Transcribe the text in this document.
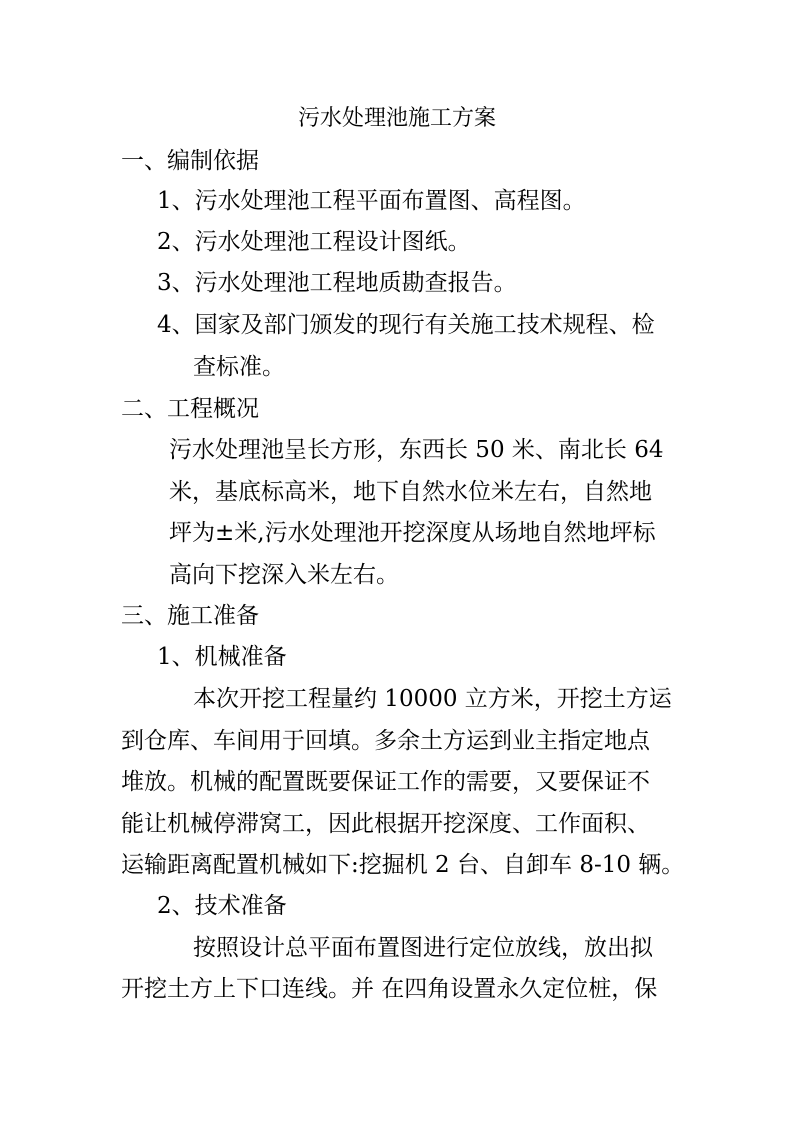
污水处理池施工方案
一、编制依据
1、污水处理池工程平面布置图、高程图。
2、污水处理池工程设计图纸。
3、污水处理池工程地质勘查报告。
4、国家及部门颁发的现行有关施工技术规程、检
查标准。
二、工程概况
污水处理池呈长方形，东西长 50 米、南北长 64
米，基底标高米，地下自然水位米左右，自然地
坪为±米,污水处理池开挖深度从场地自然地坪标
高向下挖深入米左右。
三、施工准备
1、机械准备
本次开挖工程量约 10000 立方米，开挖土方运
到仓库、车间用于回填。多余土方运到业主指定地点
堆放。机械的配置既要保证工作的需要，又要保证不
能让机械停滞窝工，因此根据开挖深度、工作面积、
运输距离配置机械如下:挖掘机 2 台、自卸车 8-10 辆。
2、技术准备
按照设计总平面布置图进行定位放线，放出拟
开挖土方上下口连线。并 在四角设置永久定位桩，保
